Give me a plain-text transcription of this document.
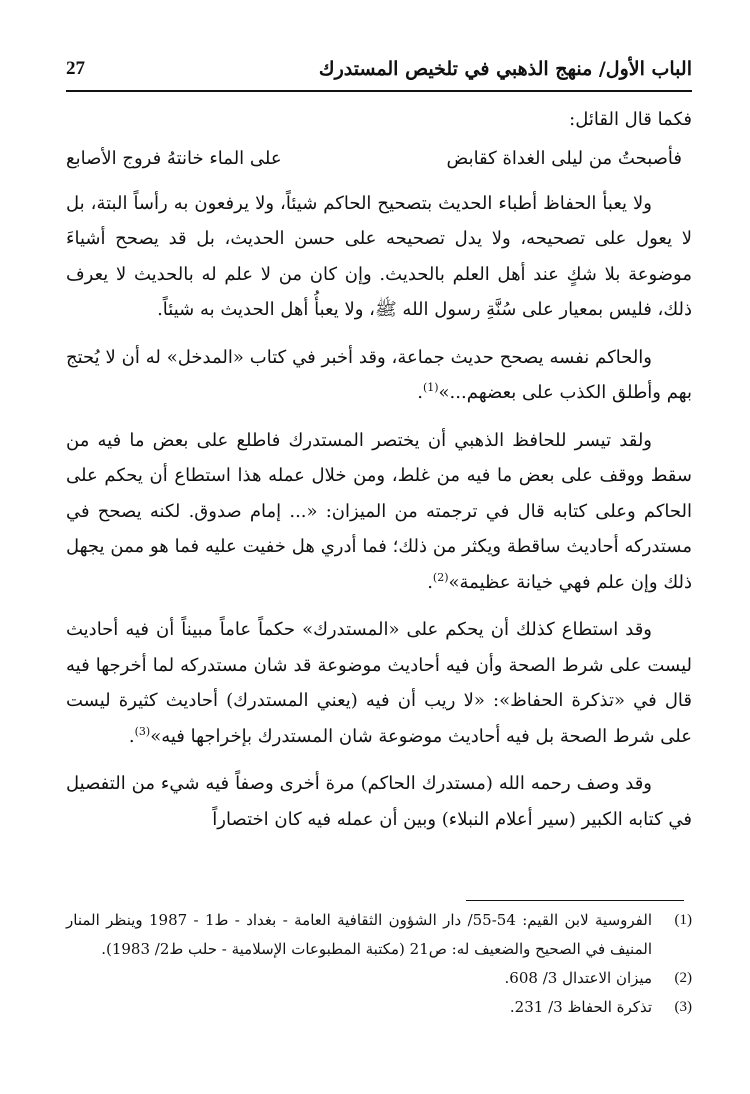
الباب الأول/ منهج الذهبي في تلخيص المستدرك
27

فكما قال القائل:

فأصبحتُ من ليلى الغداة كقابض
على الماء خانتهُ فروج الأصابع

ولا يعبأ الحفاظ أطباء الحديث بتصحيح الحاكم شيئاً، ولا يرفعون به رأساً البتة، بل لا يعول على تصحيحه، ولا يدل تصحيحه على حسن الحديث، بل قد يصحح أشياءَ موضوعة بلا شكٍ عند أهل العلم بالحديث. وإن كان من لا علم له بالحديث لا يعرف ذلك، فليس بمعيار على سُنَّةِ رسول الله ﷺ، ولا يعبأُ أهل الحديث به شيئاً.

والحاكم نفسه يصحح حديث جماعة، وقد أخبر في كتاب «المدخل» له أن لا يُحتج بهم وأطلق الكذب على بعضهم...»$^{(1)}$.

ولقد تيسر للحافظ الذهبي أن يختصر المستدرك فاطلع على بعض ما فيه من سقط ووقف على بعض ما فيه من غلط، ومن خلال عمله هذا استطاع أن يحكم على الحاكم وعلى كتابه قال في ترجمته من الميزان: «... إمام صدوق. لكنه يصحح في مستدركه أحاديث ساقطة ويكثر من ذلك؛ فما أدري هل خفيت عليه فما هو ممن يجهل ذلك وإن علم فهي خيانة عظيمة»$^{(2)}$.

وقد استطاع كذلك أن يحكم على «المستدرك» حكماً عاماً مبيناً أن فيه أحاديث ليست على شرط الصحة وأن فيه أحاديث موضوعة قد شان مستدركه لما أخرجها فيه قال في «تذكرة الحفاظ»: «لا ريب أن فيه (يعني المستدرك) أحاديث كثيرة ليست على شرط الصحة بل فيه أحاديث موضوعة شان المستدرك بإخراجها فيه»$^{(3)}$.

وقد وصف رحمه الله (مستدرك الحاكم) مرة أخرى وصفاً فيه شيء من التفصيل في كتابه الكبير (سير أعلام النبلاء) وبين أن عمله فيه كان اختصاراً

(1)
الفروسية لابن القيم: 54-55/ دار الشؤون الثقافية العامة - بغداد - ط1 - 1987 وينظر المنار المنيف في الصحيح والضعيف له: ص21 (مكتبة المطبوعات الإسلامية - حلب ط2/ 1983).
(2)
ميزان الاعتدال 3/ 608.
(3)
تذكرة الحفاظ 3/ 231.
